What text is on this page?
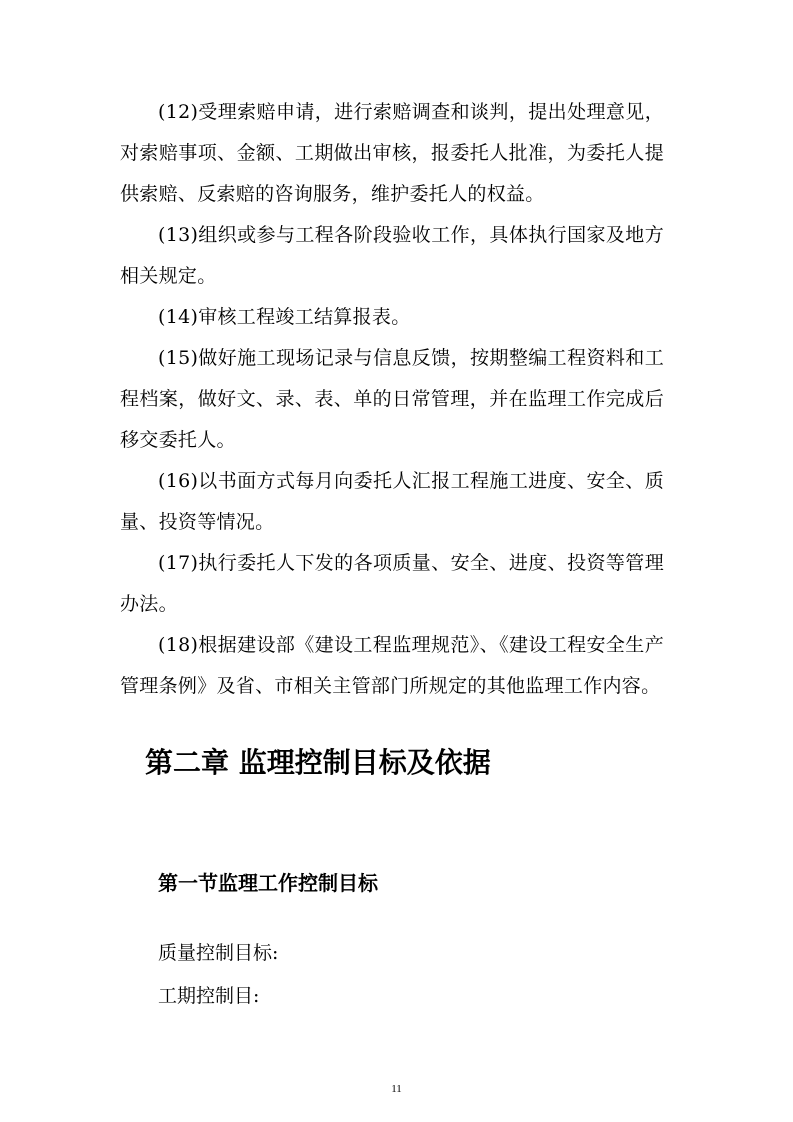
(12)受理索赔申请，进行索赔调查和谈判，提出处理意见，对索赔事项、金额、工期做出审核，报委托人批准，为委托人提供索赔、反索赔的咨询服务，维护委托人的权益。

(13)组织或参与工程各阶段验收工作，具体执行国家及地方相关规定。

(14)审核工程竣工结算报表。

(15)做好施工现场记录与信息反馈，按期整编工程资料和工程档案，做好文、录、表、单的日常管理，并在监理工作完成后移交委托人。

(16)以书面方式每月向委托人汇报工程施工进度、安全、质量、投资等情况。

(17)执行委托人下发的各项质量、安全、进度、投资等管理办法。

(18)根据建设部《建设工程监理规范》、《建设工程安全生产管理条例》及省、市相关主管部门所规定的其他监理工作内容。

第二章 监理控制目标及依据
第一节监理工作控制目标

质量控制目标:

工期控制目:

11
